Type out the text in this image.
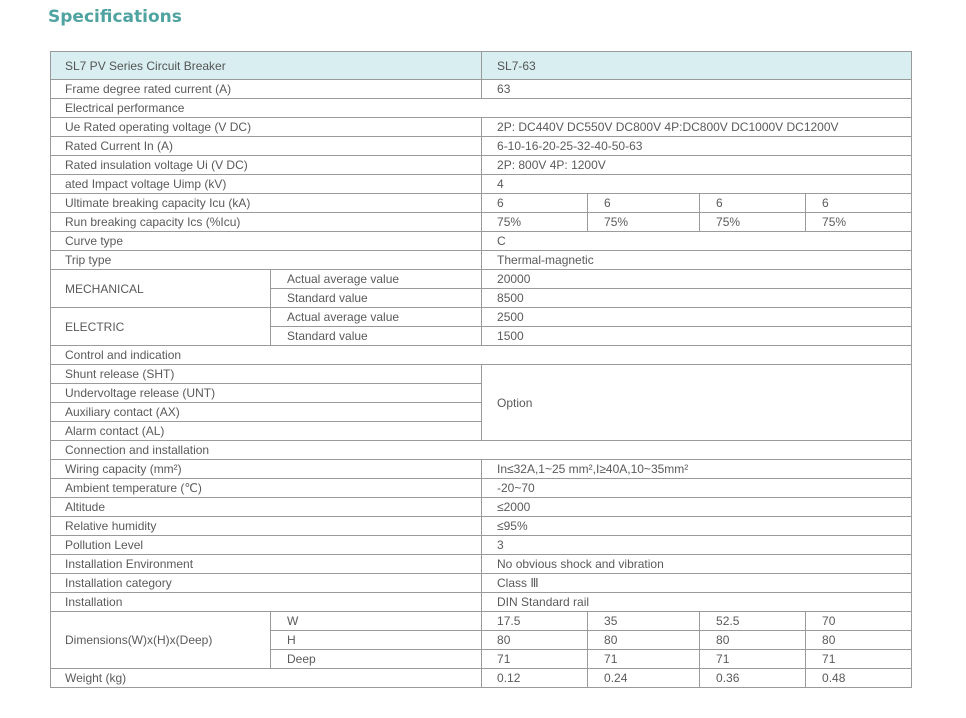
Specifications
SL7 PV Series Circuit Breaker		SL7-63			
Frame degree rated current (A)		63			
Electrical performance					
Ue Rated operating voltage (V DC)		2P: DC440V DC550V DC800V 4P:DC800V DC1000V DC1200V			
Rated Current In (A)		6-10-16-20-25-32-40-50-63			
Rated insulation voltage Ui (V DC)		2P: 800V 4P: 1200V			
ated Impact voltage Uimp (kV)		4			
Ultimate breaking capacity Icu (kA)		6	6	6	6
Run breaking capacity Ics (%Icu)		75%	75%	75%	75%
Curve type		C			
Trip type		Thermal-magnetic			
MECHANICAL	Actual average value	20000			
	Standard value	8500			
ELECTRIC	Actual average value	2500			
	Standard value	1500			
Control and indication					
Shunt release (SHT)		Option			
Undervoltage release (UNT)					
Auxiliary contact (AX)					
Alarm contact (AL)					
Connection and installation					
Wiring capacity (mm²)		In≤32A,1~25 mm²,I≥40A,10~35mm²			
Ambient temperature (℃)		-20~70			
Altitude		≤2000			
Relative humidity		≤95%			
Pollution Level		3			
Installation Environment		No obvious shock and vibration			
Installation category		Class Ⅲ			
Installation		DIN Standard rail			
Dimensions(W)x(H)x(Deep)	W	17.5	35	52.5	70
	H	80	80	80	80
	Deep	71	71	71	71
Weight (kg)		0.12	0.24	0.36	0.48
